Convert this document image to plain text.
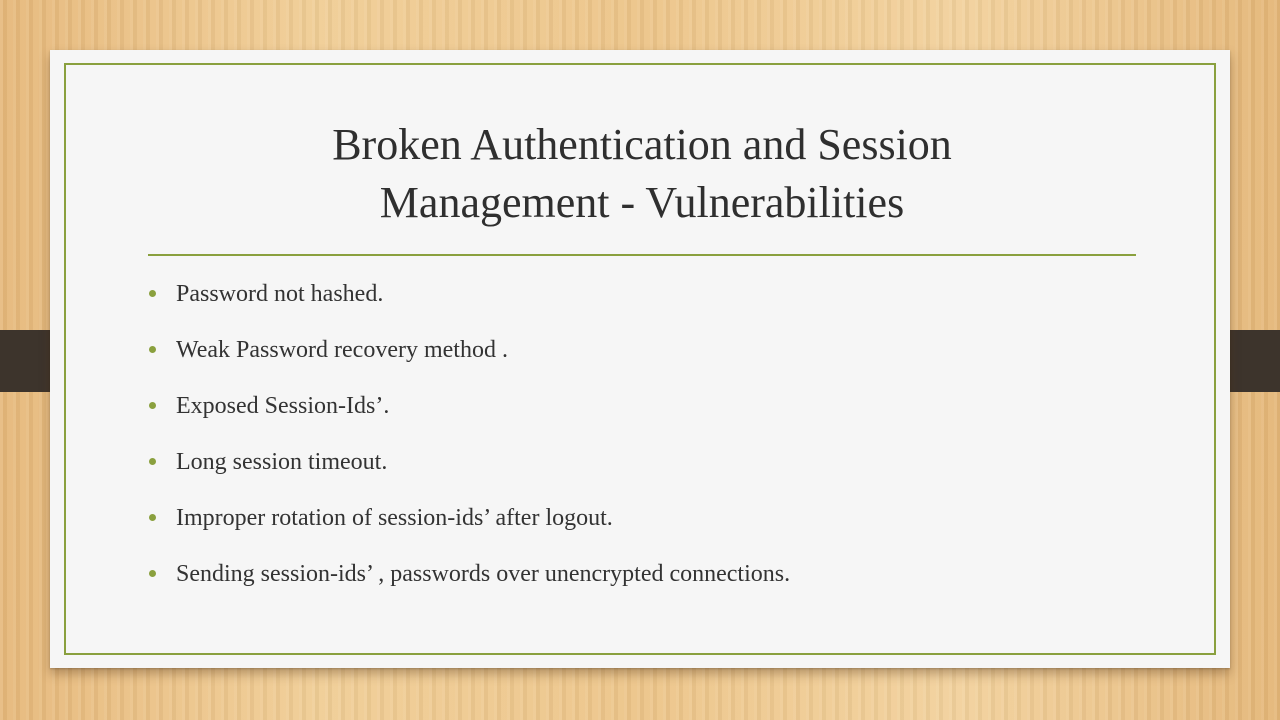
Broken Authentication and Session
Management - Vulnerabilities
Password not hashed.
Weak Password recovery method .
Exposed Session-Ids’.
Long session timeout.
Improper rotation of session-ids’ after logout.
Sending session-ids’ , passwords over unencrypted connections.
